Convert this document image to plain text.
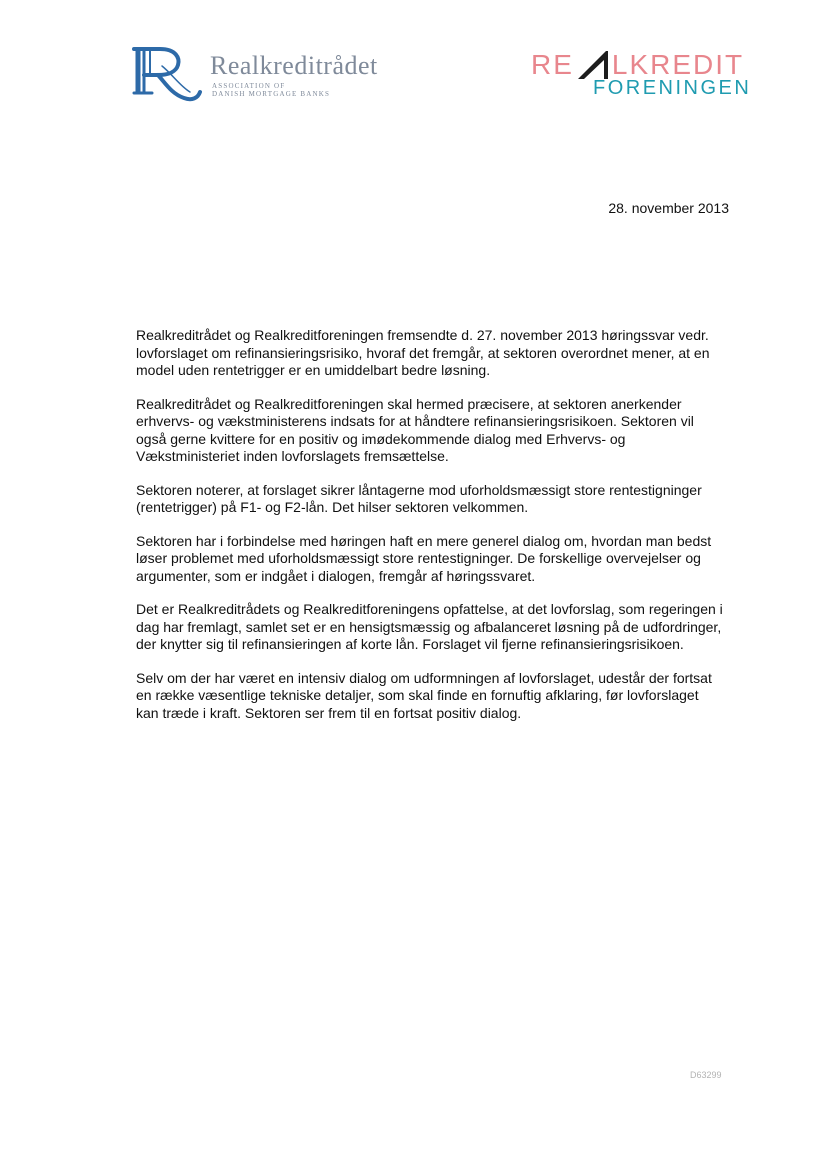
Realkreditrådet
ASSOCIATION OF
DANISH MORTGAGE BANKS
RE LKREDIT
FORENINGEN
28. november 2013

Realkreditrådet og Realkreditforeningen fremsendte d. 27. november 2013 høringssvar vedr. lovforslaget om refinansieringsrisiko, hvoraf det fremgår, at sektoren overordnet mener, at en model uden rentetrigger er en umiddelbart bedre løsning.

Realkreditrådet og Realkreditforeningen skal hermed præcisere, at sektoren anerkender erhvervs- og vækstministerens indsats for at håndtere refinansieringsrisikoen. Sektoren vil også gerne kvittere for en positiv og imødekommende dialog med Erhvervs- og Vækstministeriet inden lovforslagets fremsættelse.

Sektoren noterer, at forslaget sikrer låntagerne mod uforholdsmæssigt store rentestigninger (rentetrigger) på F1- og F2-lån. Det hilser sektoren velkommen.

Sektoren har i forbindelse med høringen haft en mere generel dialog om, hvordan man bedst løser problemet med uforholdsmæssigt store rentestigninger. De forskellige overvejelser og argumenter, som er indgået i dialogen, fremgår af høringssvaret.

Det er Realkreditrådets og Realkreditforeningens opfattelse, at det lovforslag, som regeringen i dag har fremlagt, samlet set er en hensigtsmæssig og afbalanceret løsning på de udfordringer, der knytter sig til refinansieringen af korte lån. Forslaget vil fjerne refinansieringsrisikoen.

Selv om der har været en intensiv dialog om udformningen af lovforslaget, udestår der fortsat en række væsentlige tekniske detaljer, som skal finde en fornuftig afklaring, før lovforslaget kan træde i kraft. Sektoren ser frem til en fortsat positiv dialog.

D63299
